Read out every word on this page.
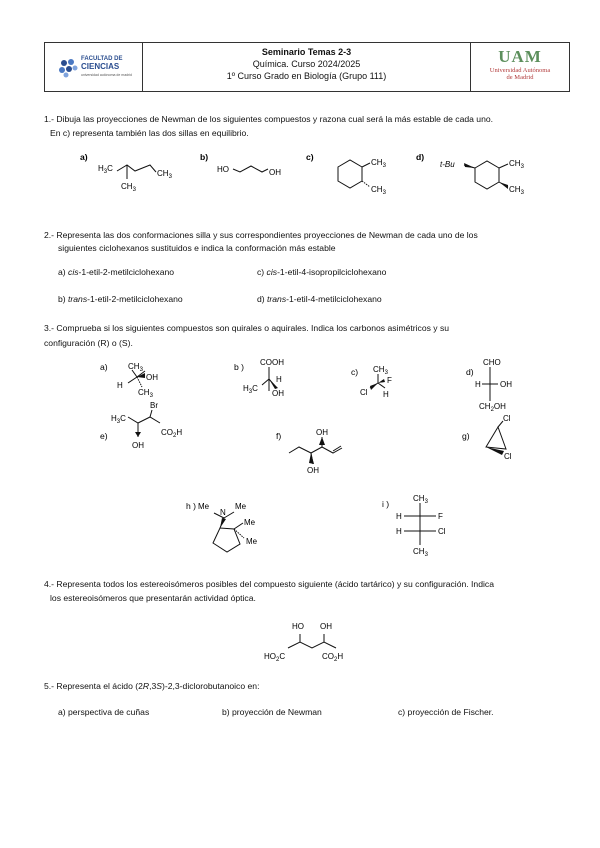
FACULTAD DE
CIENCIAS
universidad autónoma de madrid
Seminario Temas 2-3
Química. Curso 2024/2025
1º Curso Grado en Biología (Grupo 111)
UAM
Universidad Autónoma
de Madrid
1.- Dibuja las proyecciones de Newman de los siguientes compuestos y razona cual será la más estable de cada uno.
En c) representa también las dos sillas en equilibrio.
a)	b)	c)	d)
$H_3C$
$CH_3$
$CH_3$
HO	OH
$CH_3$
$CH_3$
t-Bu	$CH_3$
$CH_3$
2.- Representa las dos conformaciones silla y sus correspondientes proyecciones de Newman de cada uno de los
siguientes ciclohexanos sustituidos e indica la conformación más estable
a) cis-1-etil-2-metilciclohexano	c) cis-1-etil-4-isopropilciclohexano
b) trans-1-etil-2-metilciclohexano	d) trans-1-etil-4-metilciclohexano
3.- Comprueba si los siguientes compuestos son quirales o aquirales. Indica los carbonos asimétricos y su
configuración (R) o (S).
a)	b )	c)	d)
e)	f)	g)
h )	i )
$CH_3$
OH
H
$CH_3$
COOH
H
$H_3C$
OH
$CH_3$
F
Cl H
CHO
H OH
$CH_2OH$
Br
$H_3C$
$CO_2H$
OH
OH
OH
Cl
Cl
Me
N
Me
Me
Me
$CH_3$
H	F
H	Cl
$CH_3$
4.- Representa todos los estereoisómeros posibles del compuesto siguiente (ácido tartárico) y su configuración. Indica
los estereoisómeros que presentarán actividad óptica.
HO OH
$HO_2C$	$CO_2H$
5.- Representa el ácido (2R,3S)-2,3-diclorobutanoico en:
a) perspectiva de cuñas	b) proyección de Newman	c) proyección de Fischer.
